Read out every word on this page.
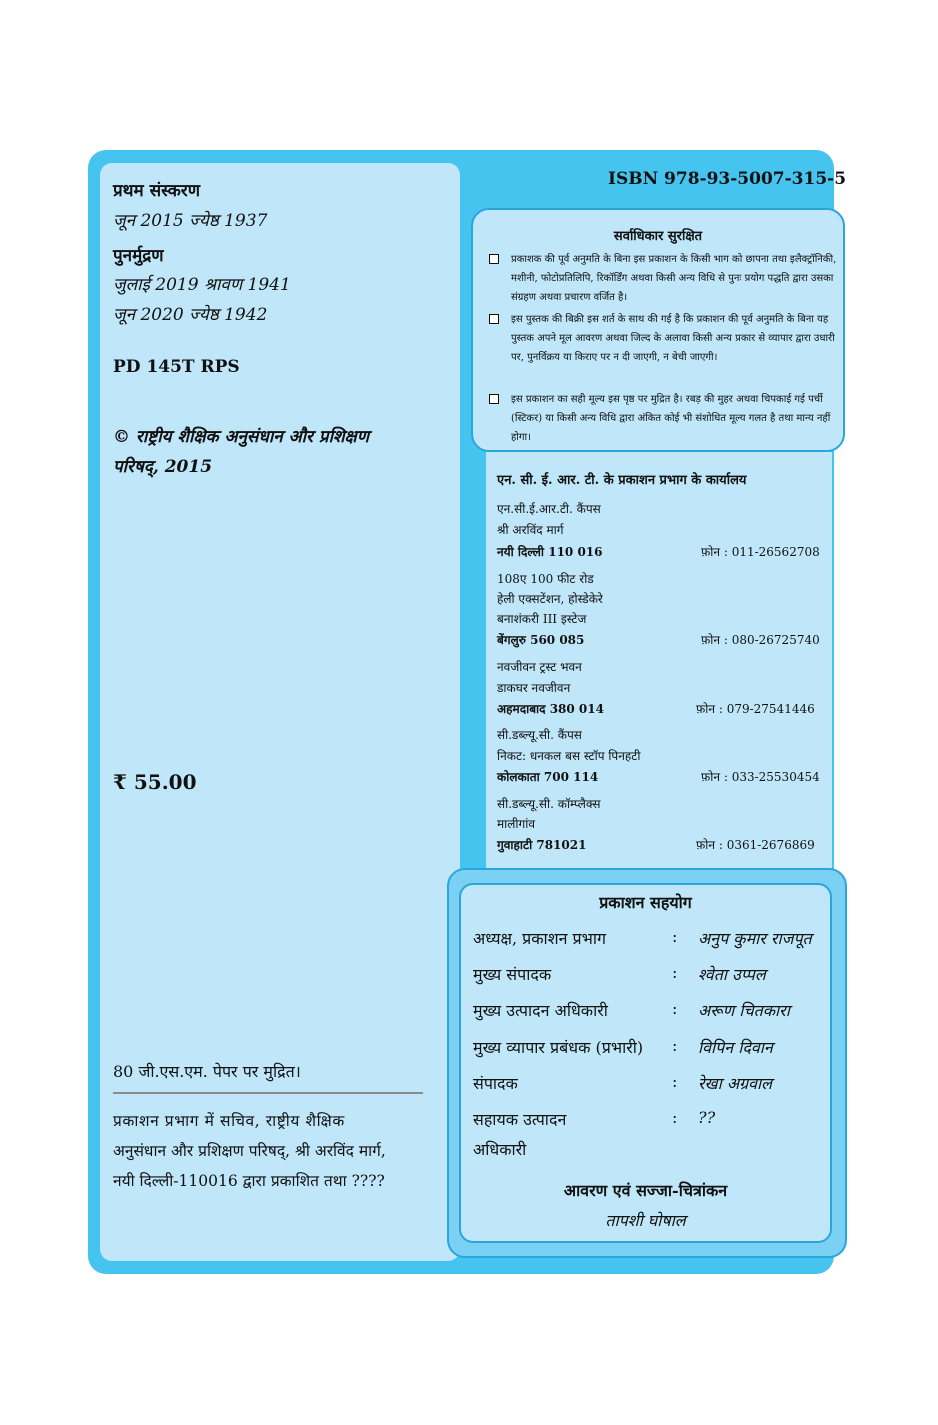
प्रथम संस्करण
जून 2015 ज्येष्ठ 1937
पुनर्मुद्रण
जुलाई 2019 श्रावण 1941
जून 2020 ज्येष्ठ 1942
PD 145T RPS
© राष्ट्रीय शैक्षिक अनुसंधान और प्रशिक्षण
परिषद्, 2015
₹ 55.00
80 जी.एस.एम. पेपर पर मुद्रित।
प्रकाशन प्रभाग में सचिव, राष्ट्रीय शैक्षिक
अनुसंधान और प्रशिक्षण परिषद्, श्री अरविंद मार्ग,
नयी दिल्ली-110016 द्वारा प्रकाशित तथा ????
ISBN 978-93-5007-315-5
सर्वाधिकार सुरक्षित
प्रकाशक की पूर्व अनुमति के बिना इस प्रकाशन के किसी भाग को छापना तथा इलैक्ट्रॉनिकी, मशीनी, फोटोप्रतिलिपि, रिकॉर्डिंग अथवा किसी अन्य विधि से पुनः प्रयोग पद्धति द्वारा उसका संग्रहण अथवा प्रचारण वर्जित है।
इस पुस्तक की बिक्री इस शर्त के साथ की गई है कि प्रकाशन की पूर्व अनुमति के बिना यह पुस्तक अपने मूल आवरण अथवा जिल्द के अलावा किसी अन्य प्रकार से व्यापार द्वारा उधारी पर, पुनर्विक्रय या किराए पर न दी जाएगी, न बेची जाएगी।
इस प्रकाशन का सही मूल्य इस पृष्ठ पर मुद्रित है। रबड़ की मुहर अथवा चिपकाई गई पर्ची (स्टिकर) या किसी अन्य विधि द्वारा अंकित कोई भी संशोधित मूल्य गलत है तथा मान्य नहीं होगा।
एन. सी. ई. आर. टी. के प्रकाशन प्रभाग के कार्यालय
एन.सी.ई.आर.टी. कैंपस
श्री अरविंद मार्ग
नयी दिल्ली 110 016	फ़ोन : 011-26562708
108ए 100 फीट रोड
हेली एक्सटेंशन, होस्डेकेरे
बनाशंकरी III इस्टेज
बेंगलुरु 560 085	फ़ोन : 080-26725740
नवजीवन ट्रस्ट भवन
डाकघर नवजीवन
अहमदाबाद 380 014	फ़ोन : 079-27541446
सी.डब्ल्यू.सी. कैंपस
निकट: धनकल बस स्टॉप पिनहटी
कोलकाता 700 114	फ़ोन : 033-25530454
सी.डब्ल्यू.सी. कॉम्प्लैक्स
मालीगांव
गुवाहाटी 781021	फ़ोन : 0361-2676869
प्रकाशन सहयोग
अध्यक्ष, प्रकाशन प्रभाग	: अनुप कुमार राजपूत
मुख्य संपादक	: श्वेता उप्पल
मुख्य उत्पादन अधिकारी	: अरूण चितकारा
मुख्य व्यापार प्रबंधक (प्रभारी) : विपिन दिवान
संपादक	: रेखा अग्रवाल
सहायक उत्पादन
अधिकारी
: ??
आवरण एवं सज्जा-चित्रांकन
तापशी घोषाल
